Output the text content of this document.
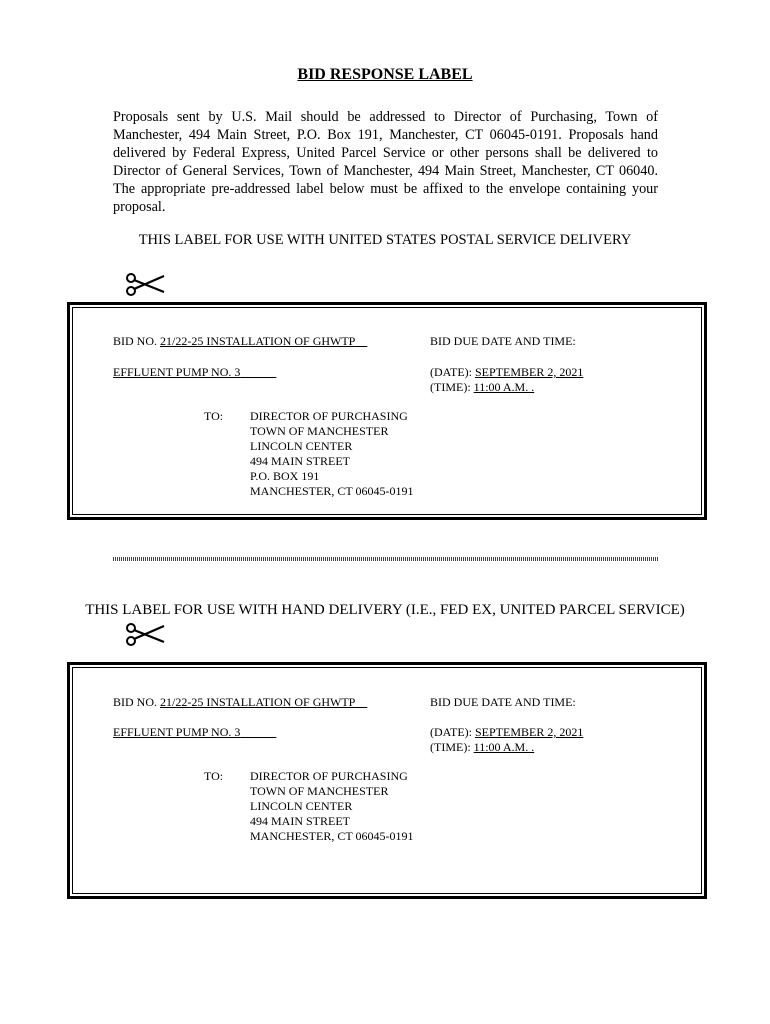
BID RESPONSE LABEL
Proposals sent by U.S. Mail should be addressed to Director of Purchasing, Town of Manchester, 494 Main Street, P.O. Box 191, Manchester, CT 06045-0191. Proposals hand delivered by Federal Express, United Parcel Service or other persons shall be delivered to Director of General Services, Town of Manchester, 494 Main Street, Manchester, CT 06040. The appropriate pre-addressed label below must be affixed to the envelope containing your proposal.
THIS LABEL FOR USE WITH UNITED STATES POSTAL SERVICE DELIVERY
BID NO. 21/22-25 INSTALLATION OF GHWTP
EFFLUENT PUMP NO. 3
BID DUE DATE AND TIME:
(DATE): SEPTEMBER 2, 2021
(TIME): 11:00 A.M. .
TO: DIRECTOR OF PURCHASING
TOWN OF MANCHESTER
LINCOLN CENTER
494 MAIN STREET
P.O. BOX 191
MANCHESTER, CT 06045-0191
THIS LABEL FOR USE WITH HAND DELIVERY (I.E., FED EX, UNITED PARCEL SERVICE)
BID NO. 21/22-25 INSTALLATION OF GHWTP
EFFLUENT PUMP NO. 3
BID DUE DATE AND TIME:
(DATE): SEPTEMBER 2, 2021
(TIME): 11:00 A.M. .
TO: DIRECTOR OF PURCHASING
TOWN OF MANCHESTER
LINCOLN CENTER
494 MAIN STREET
MANCHESTER, CT 06045-0191
